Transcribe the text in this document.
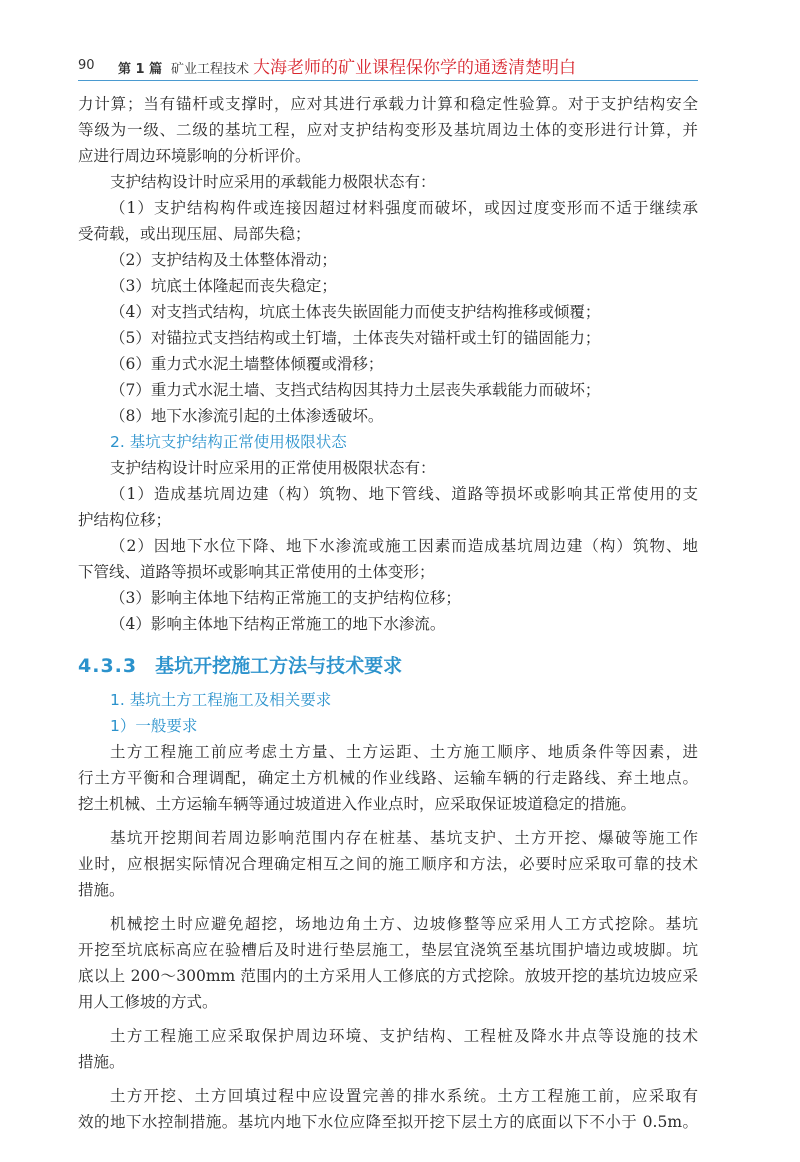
90 第 1 篇 矿业工程技术 大海老师的矿业课程保你学的通透清楚明白
力计算；当有锚杆或支撑时，应对其进行承载力计算和稳定性验算。对于支护结构安全
等级为一级、二级的基坑工程，应对支护结构变形及基坑周边土体的变形进行计算，并
应进行周边环境影响的分析评价。
支护结构设计时应采用的承载能力极限状态有：
（1）支护结构构件或连接因超过材料强度而破坏，或因过度变形而不适于继续承
受荷载，或出现压屈、局部失稳；
（2）支护结构及土体整体滑动；
（3）坑底土体隆起而丧失稳定；
（4）对支挡式结构，坑底土体丧失嵌固能力而使支护结构推移或倾覆；
（5）对锚拉式支挡结构或土钉墙，土体丧失对锚杆或土钉的锚固能力；
（6）重力式水泥土墙整体倾覆或滑移；
（7）重力式水泥土墙、支挡式结构因其持力土层丧失承载能力而破坏；
（8）地下水渗流引起的土体渗透破坏。
2. 基坑支护结构正常使用极限状态
支护结构设计时应采用的正常使用极限状态有：
（1）造成基坑周边建（构）筑物、地下管线、道路等损坏或影响其正常使用的支
护结构位移；
（2）因地下水位下降、地下水渗流或施工因素而造成基坑周边建（构）筑物、地
下管线、道路等损坏或影响其正常使用的土体变形；
（3）影响主体地下结构正常施工的支护结构位移；
（4）影响主体地下结构正常施工的地下水渗流。
4.3.3 基坑开挖施工方法与技术要求
1. 基坑土方工程施工及相关要求
1）一般要求
土方工程施工前应考虑土方量、土方运距、土方施工顺序、地质条件等因素，进
行土方平衡和合理调配，确定土方机械的作业线路、运输车辆的行走路线、弃土地点。
挖土机械、土方运输车辆等通过坡道进入作业点时，应采取保证坡道稳定的措施。
基坑开挖期间若周边影响范围内存在桩基、基坑支护、土方开挖、爆破等施工作
业时，应根据实际情况合理确定相互之间的施工顺序和方法，必要时应采取可靠的技术
措施。
机械挖土时应避免超挖，场地边角土方、边坡修整等应采用人工方式挖除。基坑
开挖至坑底标高应在验槽后及时进行垫层施工，垫层宜浇筑至基坑围护墙边或坡脚。坑
底以上 200～300mm 范围内的土方采用人工修底的方式挖除。放坡开挖的基坑边坡应采
用人工修坡的方式。
土方工程施工应采取保护周边环境、支护结构、工程桩及降水井点等设施的技术
措施。
土方开挖、土方回填过程中应设置完善的排水系统。土方工程施工前，应采取有
效的地下水控制措施。基坑内地下水位应降至拟开挖下层土方的底面以下不小于 0.5m。
